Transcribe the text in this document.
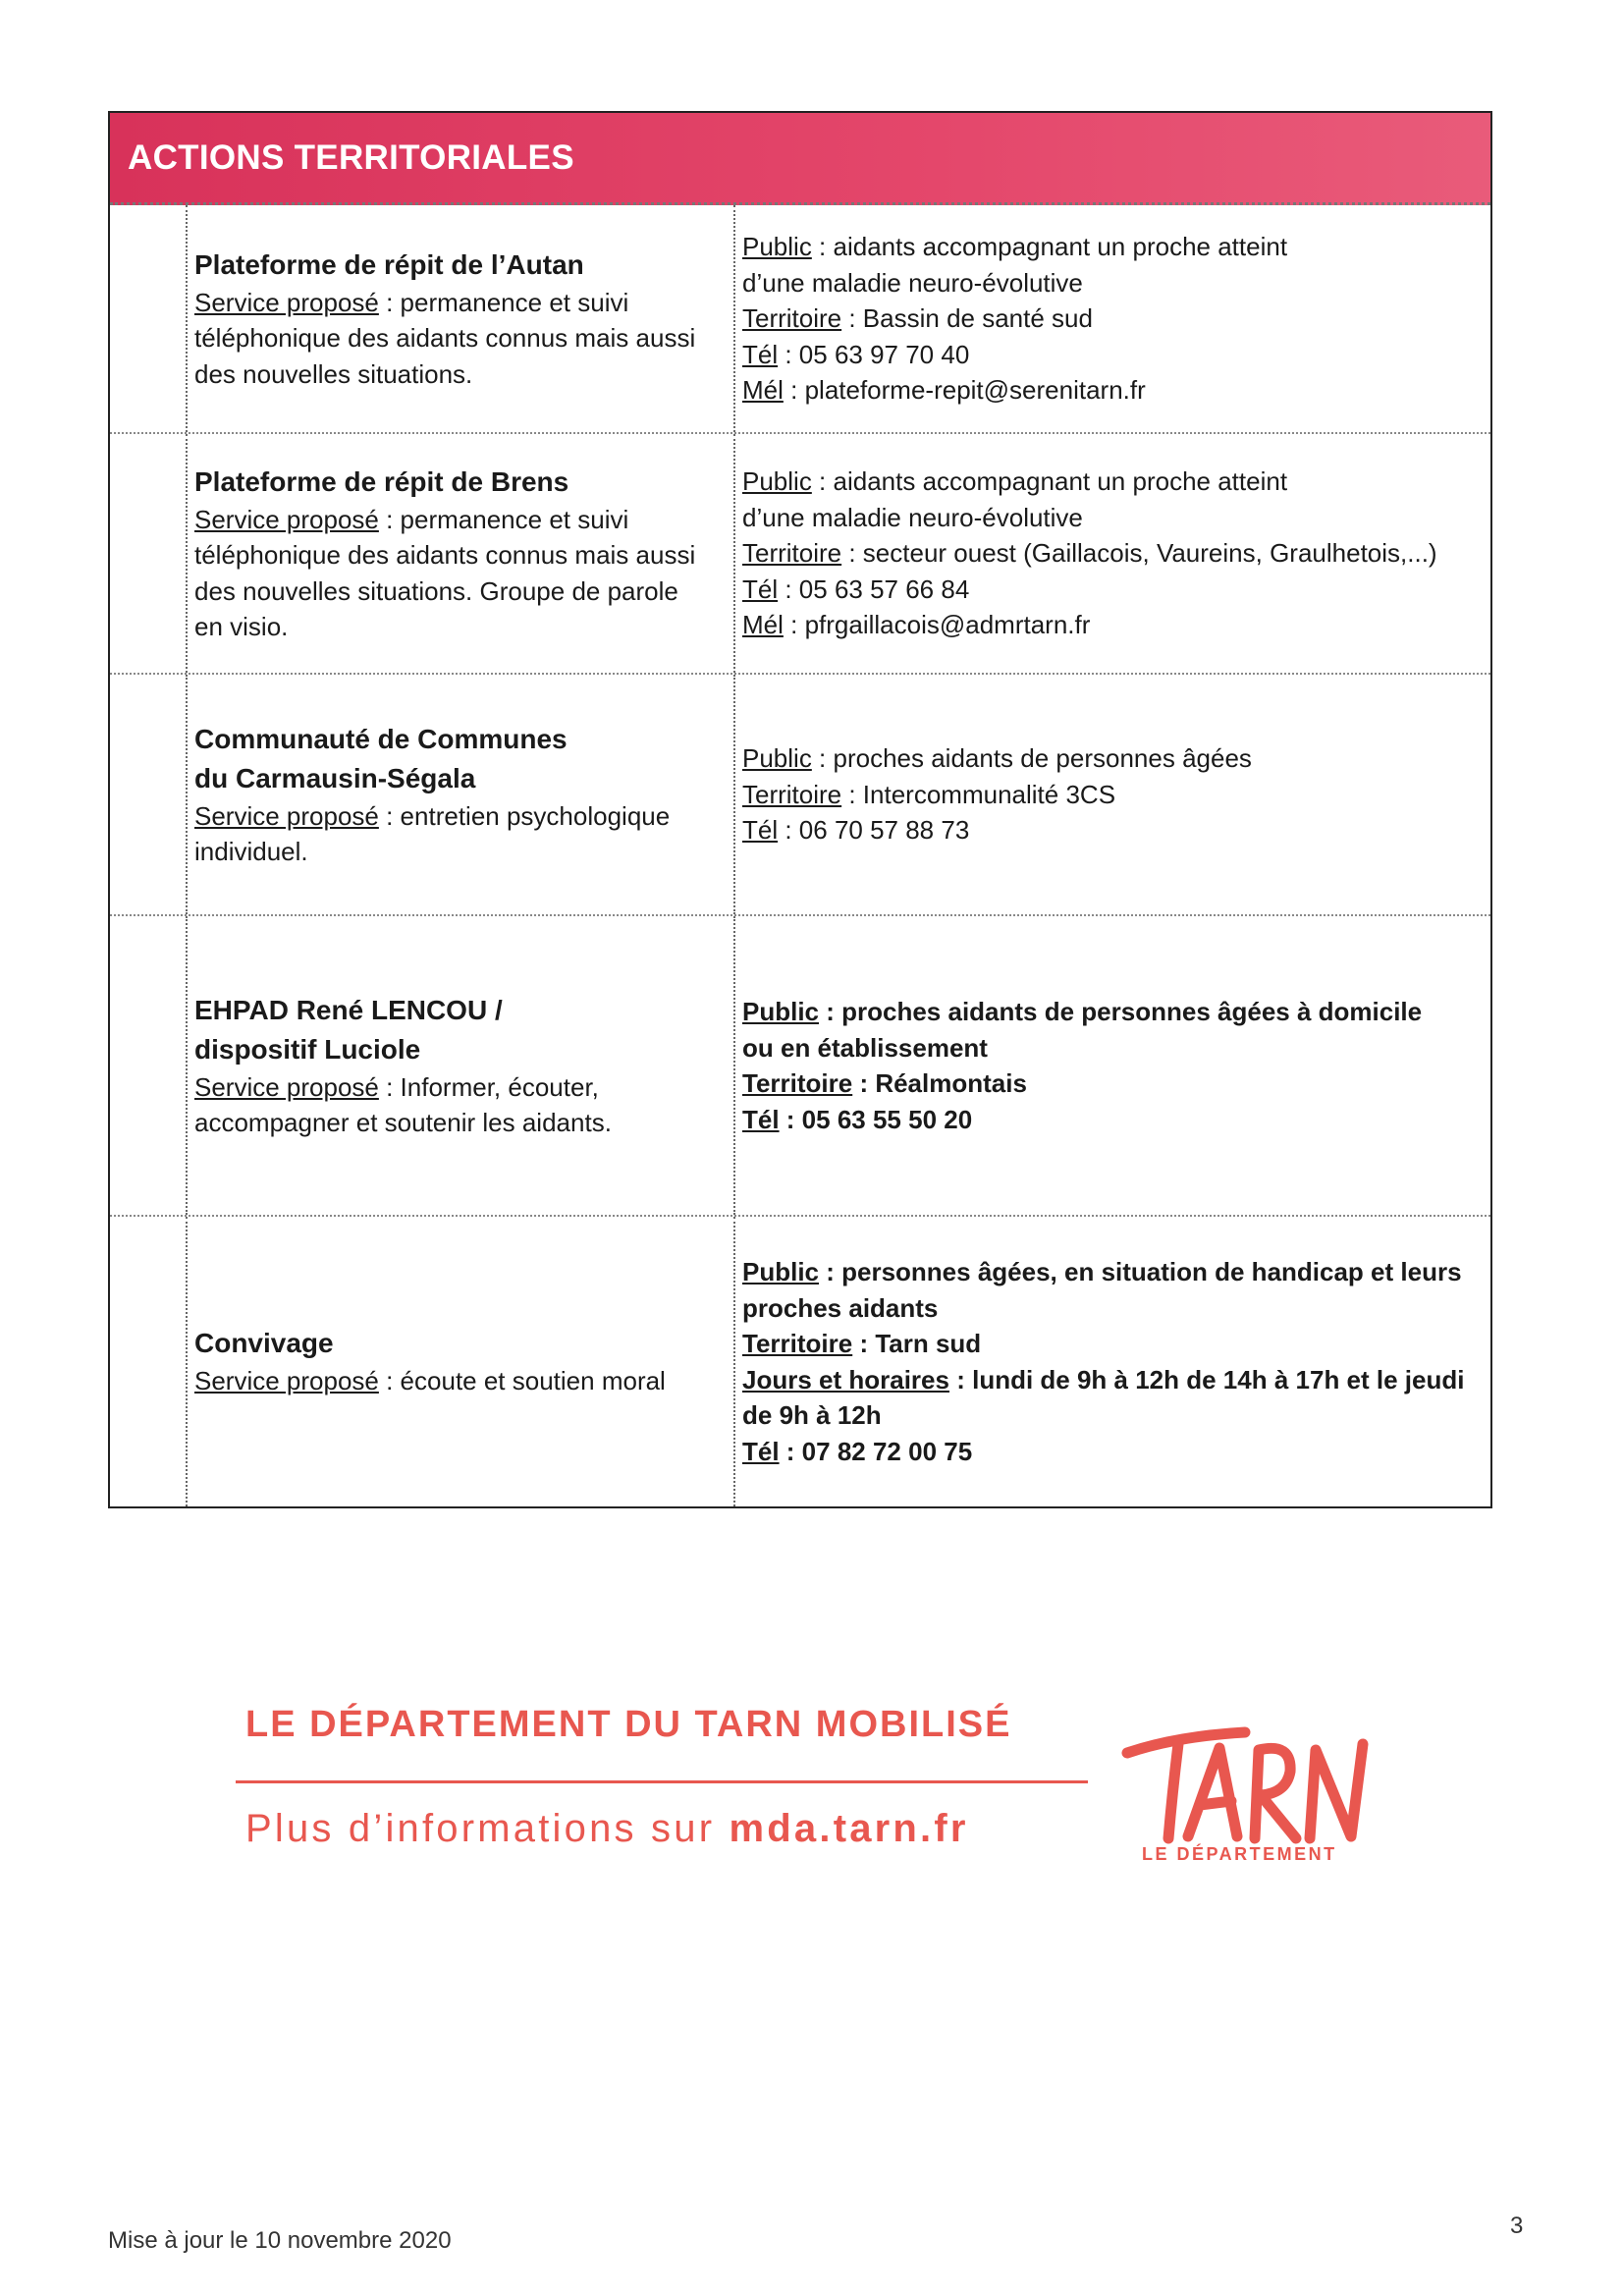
ACTIONS TERRITORIALES
Plateforme de répit de l’Autan
Service proposé : permanence et suivi
téléphonique des aidants connus mais aussi
des nouvelles situations.
Public : aidants accompagnant un proche atteint
d’une maladie neuro-évolutive
Territoire : Bassin de santé sud
Tél : 05 63 97 70 40
Mél : plateforme-repit@serenitarn.fr
Plateforme de répit de Brens
Service proposé : permanence et suivi
téléphonique des aidants connus mais aussi
des nouvelles situations. Groupe de parole
en visio.
Public : aidants accompagnant un proche atteint
d’une maladie neuro-évolutive
Territoire : secteur ouest (Gaillacois, Vaureins, Graulhetois,...)
Tél : 05 63 57 66 84
Mél : pfrgaillacois@admrtarn.fr
Communauté de Communes
du Carmausin-Ségala
Service proposé : entretien psychologique
individuel.
Public : proches aidants de personnes âgées
Territoire : Intercommunalité 3CS
Tél : 06 70 57 88 73
EHPAD René LENCOU /
dispositif Luciole
Service proposé : Informer, écouter,
accompagner et soutenir les aidants.
Public : proches aidants de personnes âgées à domicile
ou en établissement
Territoire : Réalmontais
Tél : 05 63 55 50 20
Convivage
Service proposé : écoute et soutien moral
Public : personnes âgées, en situation de handicap et leurs
proches aidants
Territoire : Tarn sud
Jours et horaires : lundi de 9h à 12h de 14h à 17h et le jeudi
de 9h à 12h
Tél : 07 82 72 00 75
LE DÉPARTEMENT DU TARN MOBILISÉ
Plus d’informations sur mda.tarn.fr
LE DÉPARTEMENT
Mise à jour le 10 novembre 2020
3
